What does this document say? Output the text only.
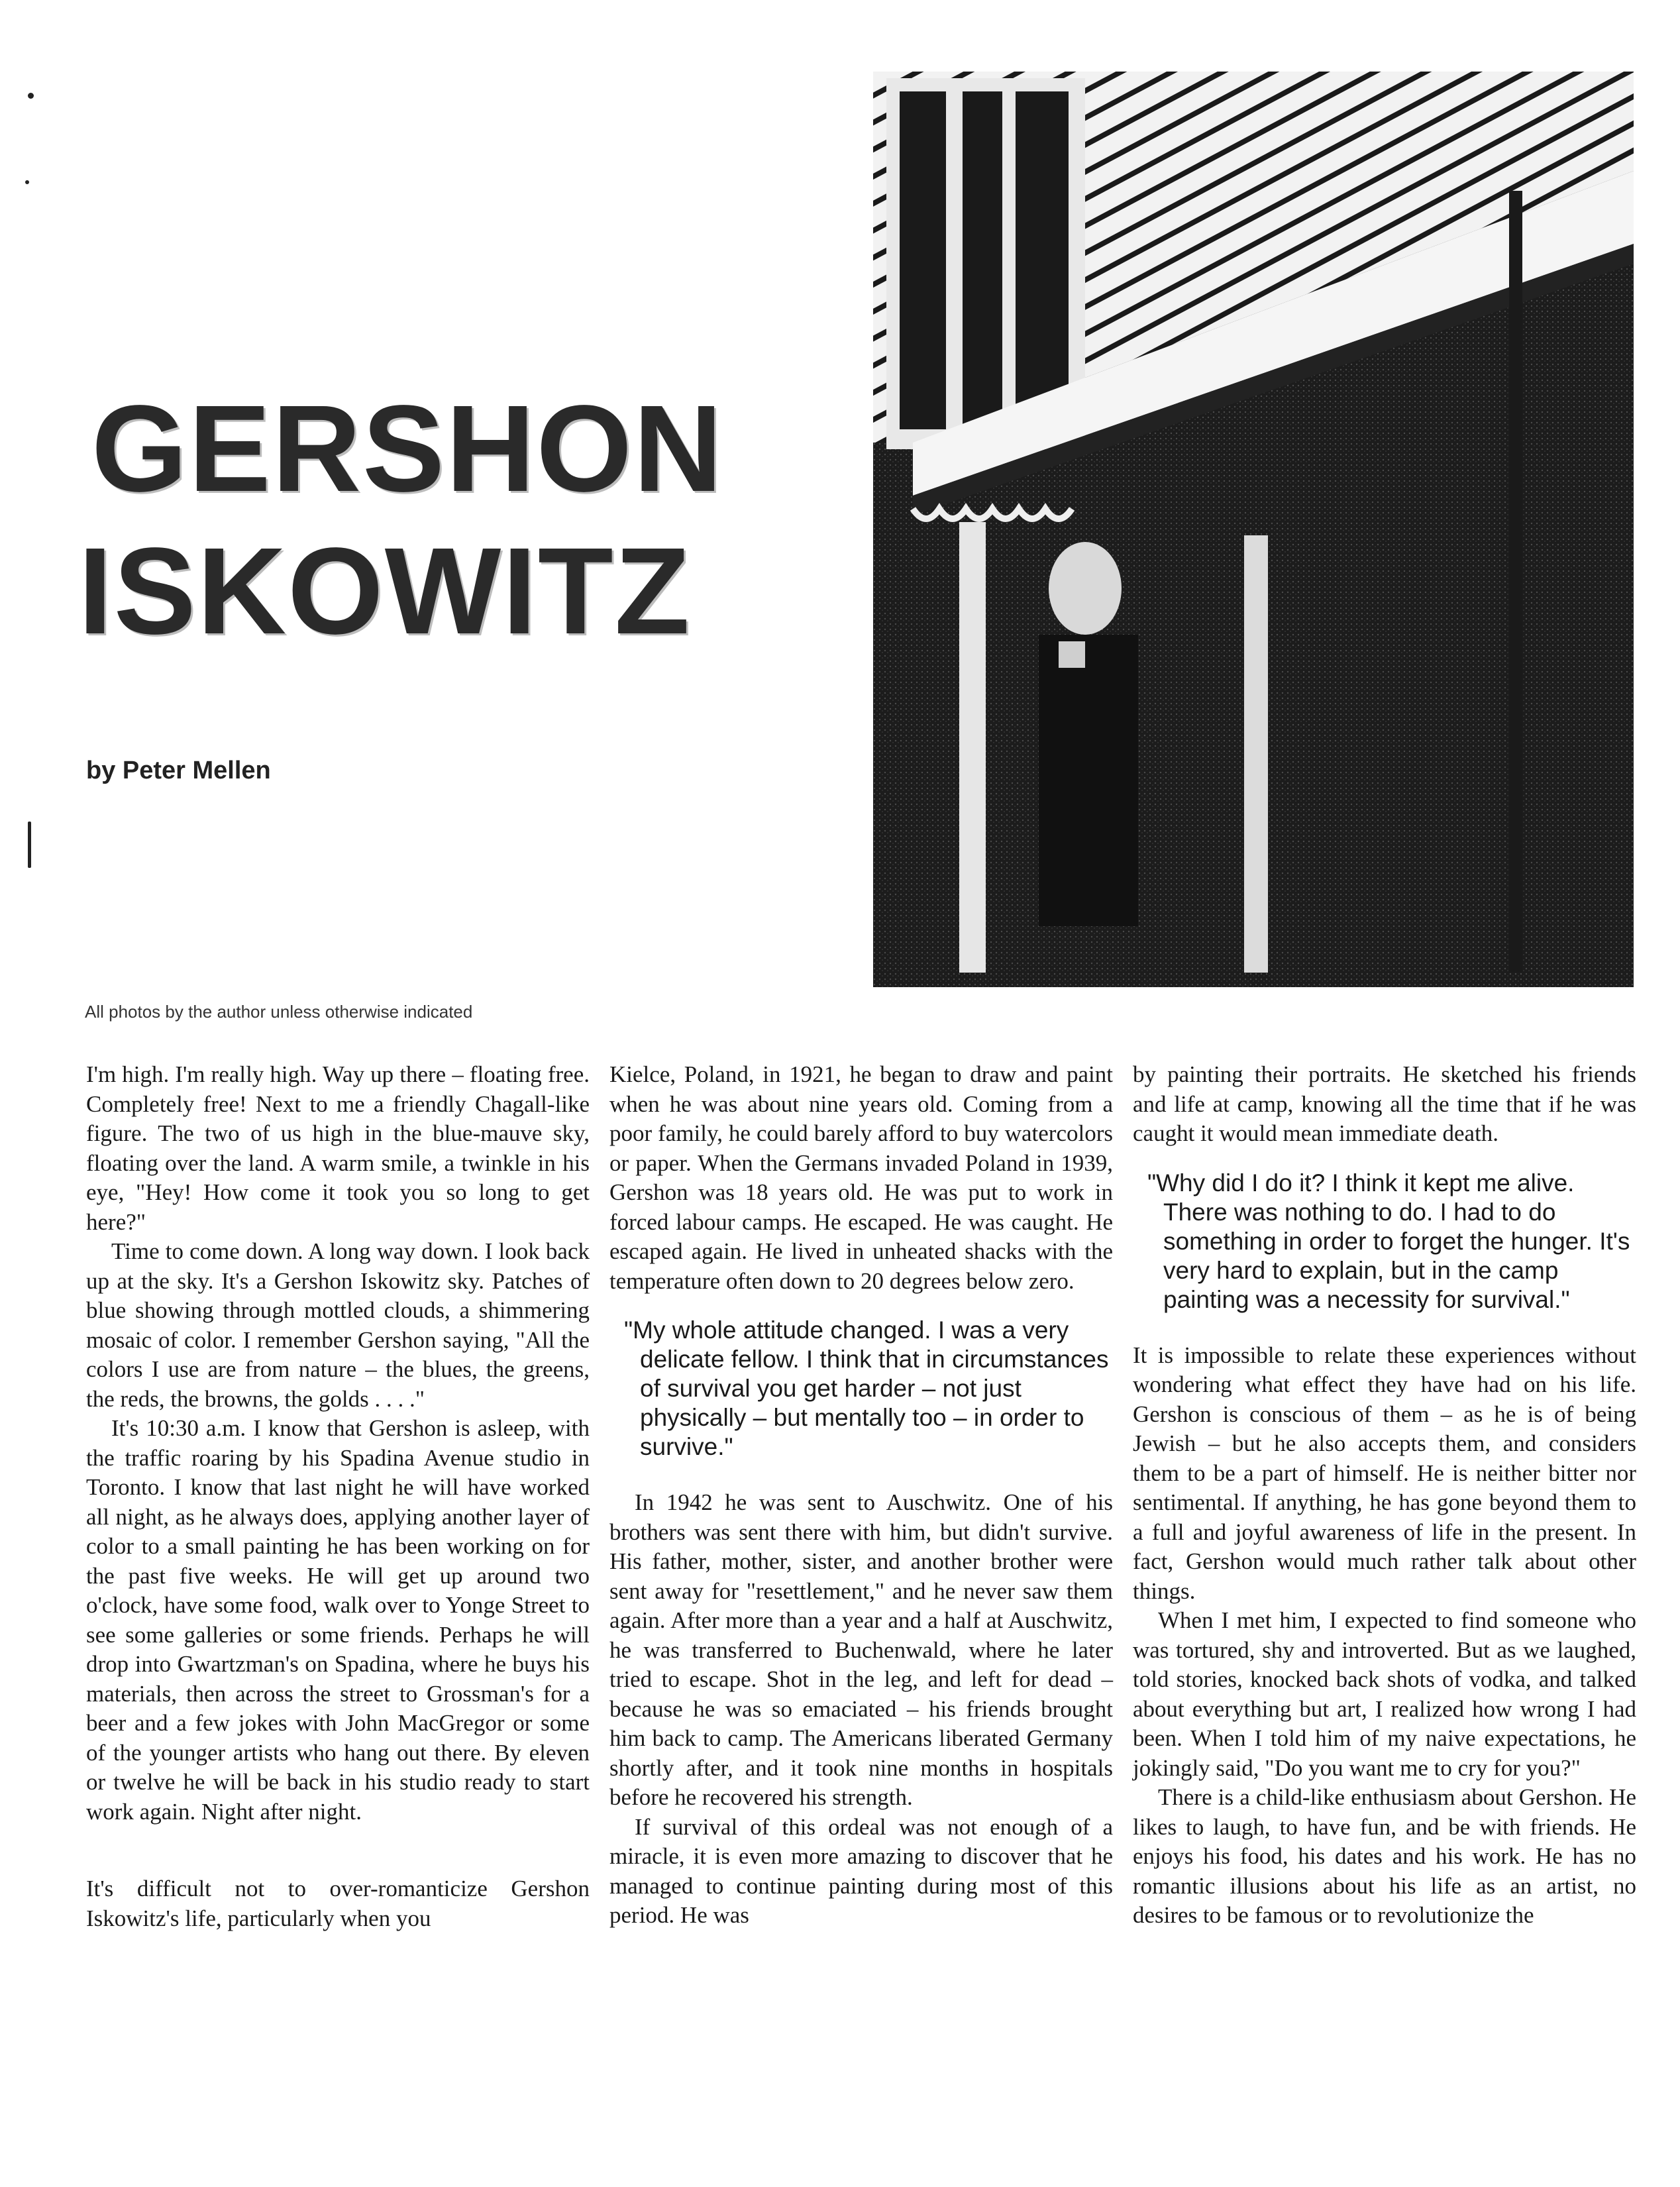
GERSHON
ISKOWITZ
by Peter Mellen
All photos by the author unless otherwise indicated

I'm high. I'm really high. Way up there – floating free. Completely free! Next to me a friendly Chagall-like figure. The two of us high in the blue-mauve sky, floating over the land. A warm smile, a twinkle in his eye, "Hey! How come it took you so long to get here?"

Time to come down. A long way down. I look back up at the sky. It's a Gershon Iskowitz sky. Patches of blue showing through mottled clouds, a shimmering mosaic of color. I remember Gershon saying, "All the colors I use are from nature – the blues, the greens, the reds, the browns, the golds . . . ."

It's 10:30 a.m. I know that Gershon is asleep, with the traffic roaring by his Spadina Avenue studio in Toronto. I know that last night he will have worked all night, as he always does, applying another layer of color to a small painting he has been working on for the past five weeks. He will get up around two o'clock, have some food, walk over to Yonge Street to see some galleries or some friends. Perhaps he will drop into Gwartzman's on Spadina, where he buys his materials, then across the street to Grossman's for a beer and a few jokes with John MacGregor or some of the younger artists who hang out there. By eleven or twelve he will be back in his studio ready to start work again. Night after night.

It's difficult not to over-romanticize Gershon Iskowitz's life, particularly when you

Kielce, Poland, in 1921, he began to draw and paint when he was about nine years old. Coming from a poor family, he could barely afford to buy watercolors or paper. When the Germans invaded Poland in 1939, Gershon was 18 years old. He was put to work in forced labour camps. He escaped. He was caught. He escaped again. He lived in unheated shacks with the temperature often down to 20 degrees below zero.

"My whole attitude changed. I was a very delicate fellow. I think that in circumstances of survival you get harder – not just physically – but mentally too – in order to survive."

In 1942 he was sent to Auschwitz. One of his brothers was sent there with him, but didn't survive. His father, mother, sister, and another brother were sent away for "resettlement," and he never saw them again. After more than a year and a half at Auschwitz, he was transferred to Buchenwald, where he later tried to escape. Shot in the leg, and left for dead – because he was so emaciated – his friends brought him back to camp. The Americans liberated Germany shortly after, and it took nine months in hospitals before he recovered his strength.

If survival of this ordeal was not enough of a miracle, it is even more amazing to discover that he managed to continue painting during most of this period. He was

by painting their portraits. He sketched his friends and life at camp, knowing all the time that if he was caught it would mean immediate death.

"Why did I do it? I think it kept me alive. There was nothing to do. I had to do something in order to forget the hunger. It's very hard to explain, but in the camp painting was a necessity for survival."

It is impossible to relate these experiences without wondering what effect they have had on his life. Gershon is conscious of them – as he is of being Jewish – but he also accepts them, and considers them to be a part of himself. He is neither bitter nor sentimental. If anything, he has gone beyond them to a full and joyful awareness of life in the present. In fact, Gershon would much rather talk about other things.

When I met him, I expected to find someone who was tortured, shy and introverted. But as we laughed, told stories, knocked back shots of vodka, and talked about everything but art, I realized how wrong I had been. When I told him of my naive expectations, he jokingly said, "Do you want me to cry for you?"

There is a child-like enthusiasm about Gershon. He likes to laugh, to have fun, and be with friends. He enjoys his food, his dates and his work. He has no romantic illusions about his life as an artist, no desires to be famous or to revolutionize the
